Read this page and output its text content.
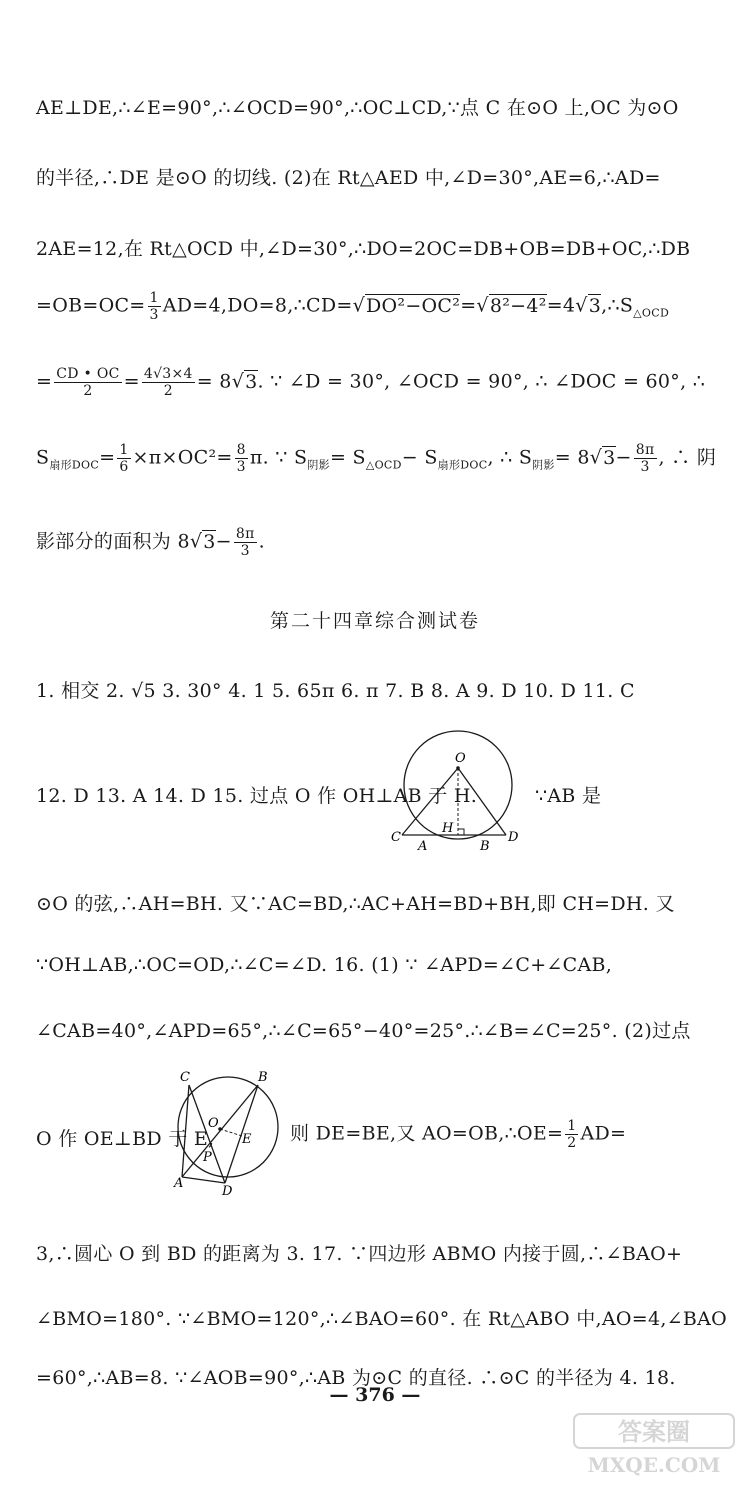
AE⊥DE,∴∠E=90°,∴∠OCD=90°,∴OC⊥CD,∵点 C 在⊙O 上,OC 为⊙O
的半径,∴DE 是⊙O 的切线. (2)在 Rt△AED 中,∠D=30°,AE=6,∴AD=
2AE=12,在 Rt△OCD 中,∠D=30°,∴DO=2OC=DB+OB=DB+OC,∴DB
$=OB=OC= \frac{1}{3}$ $AD=4,DO=8,\therefore CD=√DO^2-OC^2=√8^2-4^2=4√3,\therefore S_{\triangle OCD}$
= $\frac{CD • OC}{2} = \frac{4√3\times 4}{2} = 8√3$. ∵ ∠D = 30°, ∠OCD = 90°, ∴ ∠DOC = 60°, ∴
$S_{扇形DOC}= \frac{1}{6} \times\pi\times OC^2= \frac{8}{3} \pi$. ∵ $S_{阴影}= S_{\triangle OCD}- S_{扇形DOC}$, ∴ $S_{阴影}= 8√3- \frac{8\pi}{3}$ , ∴ 阴
影部分的面积为 $8√3- \frac{8\pi}{3}$ .
第二十四章综合测试卷
1. 相交 2. √5 3. 30° 4. 1 5. 65π 6. π 7. B 8. A 9. D 10. D 11. C
12. D 13. A 14. D 15. 过点 O 作 OH⊥AB 于 H.	∵AB 是
O
H
C
A	B
D
⊙O 的弦,∴AH=BH. 又∵AC=BD,∴AC+AH=BD+BH,即 CH=DH. 又
∵OH⊥AB,∴OC=OD,∴∠C=∠D. 16. (1) ∵ ∠APD=∠C+∠CAB,
∠CAB=40°,∠APD=65°,∴∠C=65°−40°=25°.∴∠B=∠C=25°. (2)过点
C	B
O
E
P
A
D
O 作 OE⊥BD 于 E,	则 DE=BE,又 AO=OB,∴OE= $\frac{1}{2} AD=$
3,∴圆心 O 到 BD 的距离为 3. 17. ∵四边形 ABMO 内接于圆,∴∠BAO+
∠BMO=180°. ∵∠BMO=120°,∴∠BAO=60°. 在 Rt△ABO 中,AO=4,∠BAO
=60°,∴AB=8. ∵∠AOB=90°,∴AB 为⊙C 的直径. ∴⊙C 的半径为 4. 18.
— 376 —
答案圈
MXQE.COM
